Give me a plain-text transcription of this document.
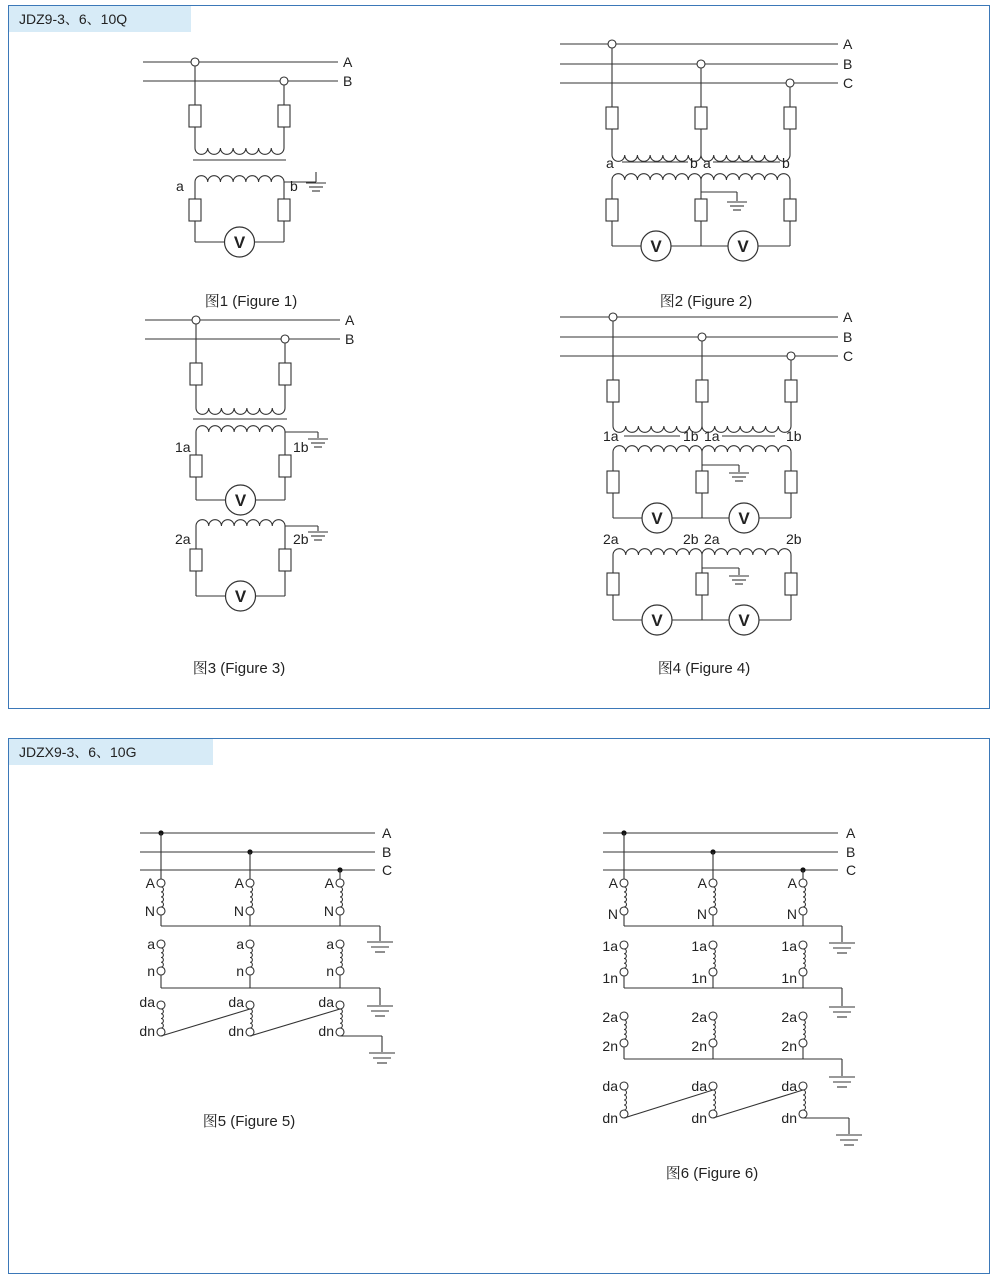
JDZ9-3、6、10Q
JDZX9-3、6、10G
A
B
V
a	b
图1 (Figure 1)
A
B
C
a	b a	b
V	V
图2 (Figure 2)
A
B
V
1a	1b
V
2a	2b
图3 (Figure 3)
A
B
C
1a	1b 1a	1b
V	V
2a	2b 2a	2b
V	V
图4 (Figure 4)
A
B
C
A
N
a
n
da
dn
A
N
a
n
da
dn
A
N
a
n
da
dn
图5 (Figure 5)
A
B
C
A
N
1a
1n
2a
2n
da
dn
A
N
1a
1n
2a
2n
da
dn
A
N
1a
1n
2a
2n
da
dn
图6 (Figure 6)
